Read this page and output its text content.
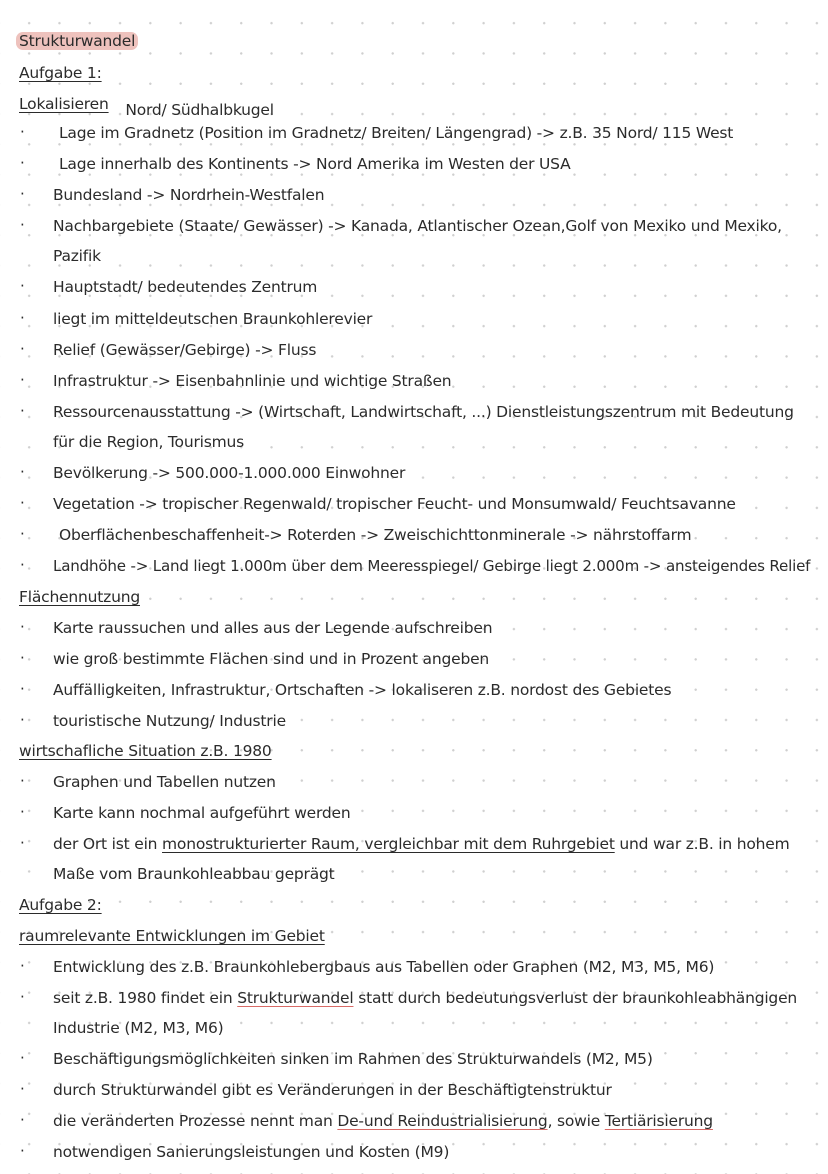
Strukturwandel
Aufgabe 1:
Lokalisieren Nord/ Südhalbkugel
· Lage im Gradnetz (Position im Gradnetz/ Breiten/ Längengrad) -> z.B. 35 Nord/ 115 West
· Lage innerhalb des Kontinents -> Nord Amerika im Westen der USA
· Bundesland -> Nordrhein-Westfalen
· Nachbargebiete (Staate/ Gewässer) -> Kanada, Atlantischer Ozean,Golf von Mexiko und Mexiko,
Pazifik
· Hauptstadt/ bedeutendes Zentrum
· liegt im mitteldeutschen Braunkohlerevier
· Relief (Gewässer/Gebirge) -> Fluss
· Infrastruktur -> Eisenbahnlinie und wichtige Straßen
· Ressourcenausstattung -> (Wirtschaft, Landwirtschaft, ...) Dienstleistungszentrum mit Bedeutung
für die Region, Tourismus
· Bevölkerung -> 500.000-1.000.000 Einwohner
· Vegetation -> tropischer Regenwald/ tropischer Feucht- und Monsumwald/ Feuchtsavanne
· Oberflächenbeschaffenheit-> Roterden -> Zweischichttonminerale -> nährstoffarm
· Landhöhe -> Land liegt 1.000m über dem Meeresspiegel/ Gebirge liegt 2.000m -> ansteigendes Relief
Flächennutzung
· Karte raussuchen und alles aus der Legende aufschreiben
· wie groß bestimmte Flächen sind und in Prozent angeben
· Auffälligkeiten, Infrastruktur, Ortschaften -> lokaliseren z.B. nordost des Gebietes
· touristische Nutzung/ Industrie
wirtschafliche Situation z.B. 1980
· Graphen und Tabellen nutzen
· Karte kann nochmal aufgeführt werden
· der Ort ist ein monostrukturierter Raum, vergleichbar mit dem Ruhrgebiet und war z.B. in hohem
Maße vom Braunkohleabbau geprägt
Aufgabe 2:
raumrelevante Entwicklungen im Gebiet
· Entwicklung des z.B. Braunkohlebergbaus aus Tabellen oder Graphen (M2, M3, M5, M6)
· seit z.B. 1980 findet ein Strukturwandel statt durch bedeutungsverlust der braunkohleabhängigen
Industrie (M2, M3, M6)
· Beschäftigungsmöglichkeiten sinken im Rahmen des Strukturwandels (M2, M5)
· durch Strukturwandel gibt es Veränderungen in der Beschäftigtenstruktur
· die veränderten Prozesse nennt man De-und Reindustrialisierung, sowie Tertiärisierung
· notwendigen Sanierungsleistungen und Kosten (M9)
